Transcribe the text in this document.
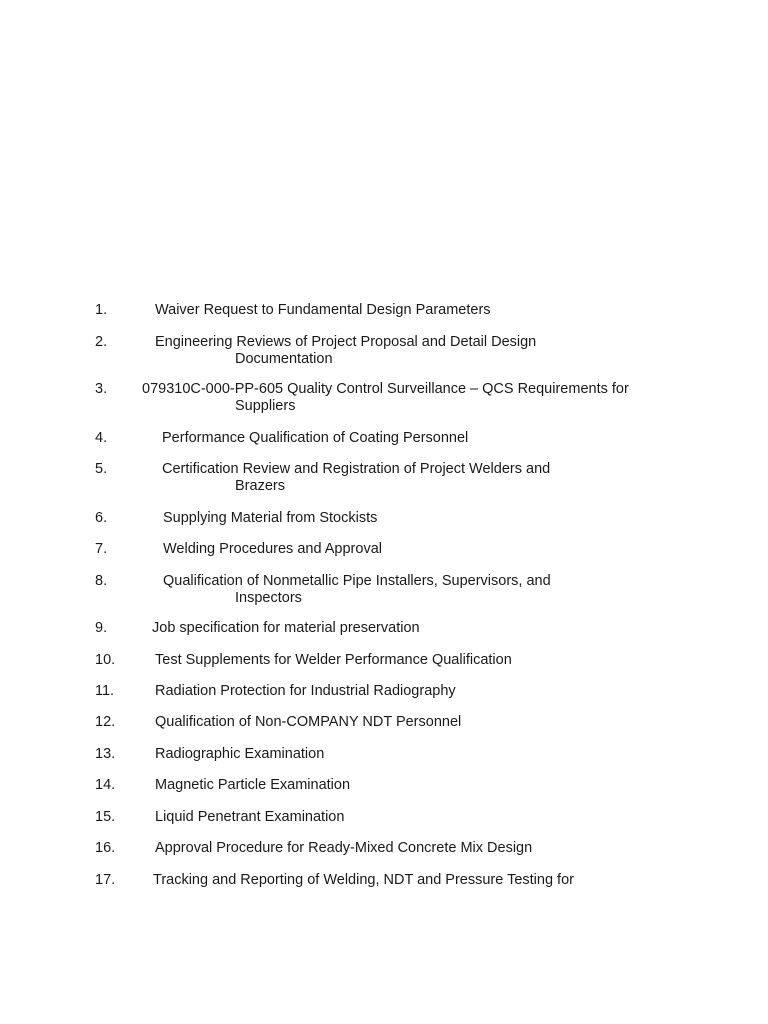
1.	Waiver Request to Fundamental Design Parameters
2.	Engineering Reviews of Project Proposal and Detail Design
Documentation
3. 079310C-000-PP-605 Quality Control Surveillance – QCS Requirements for
Suppliers
4.	Performance Qualification of Coating Personnel
5.	Certification Review and Registration of Project Welders and
Brazers
6.	Supplying Material from Stockists
7.	Welding Procedures and Approval
8.	Qualification of Nonmetallic Pipe Installers, Supervisors, and
Inspectors
9.	Job specification for material preservation
10.	Test Supplements for Welder Performance Qualification
11.	Radiation Protection for Industrial Radiography
12.	Qualification of Non-COMPANY NDT Personnel
13.	Radiographic Examination
14.	Magnetic Particle Examination
15.	Liquid Penetrant Examination
16.	Approval Procedure for Ready-Mixed Concrete Mix Design
17.	Tracking and Reporting of Welding, NDT and Pressure Testing for
